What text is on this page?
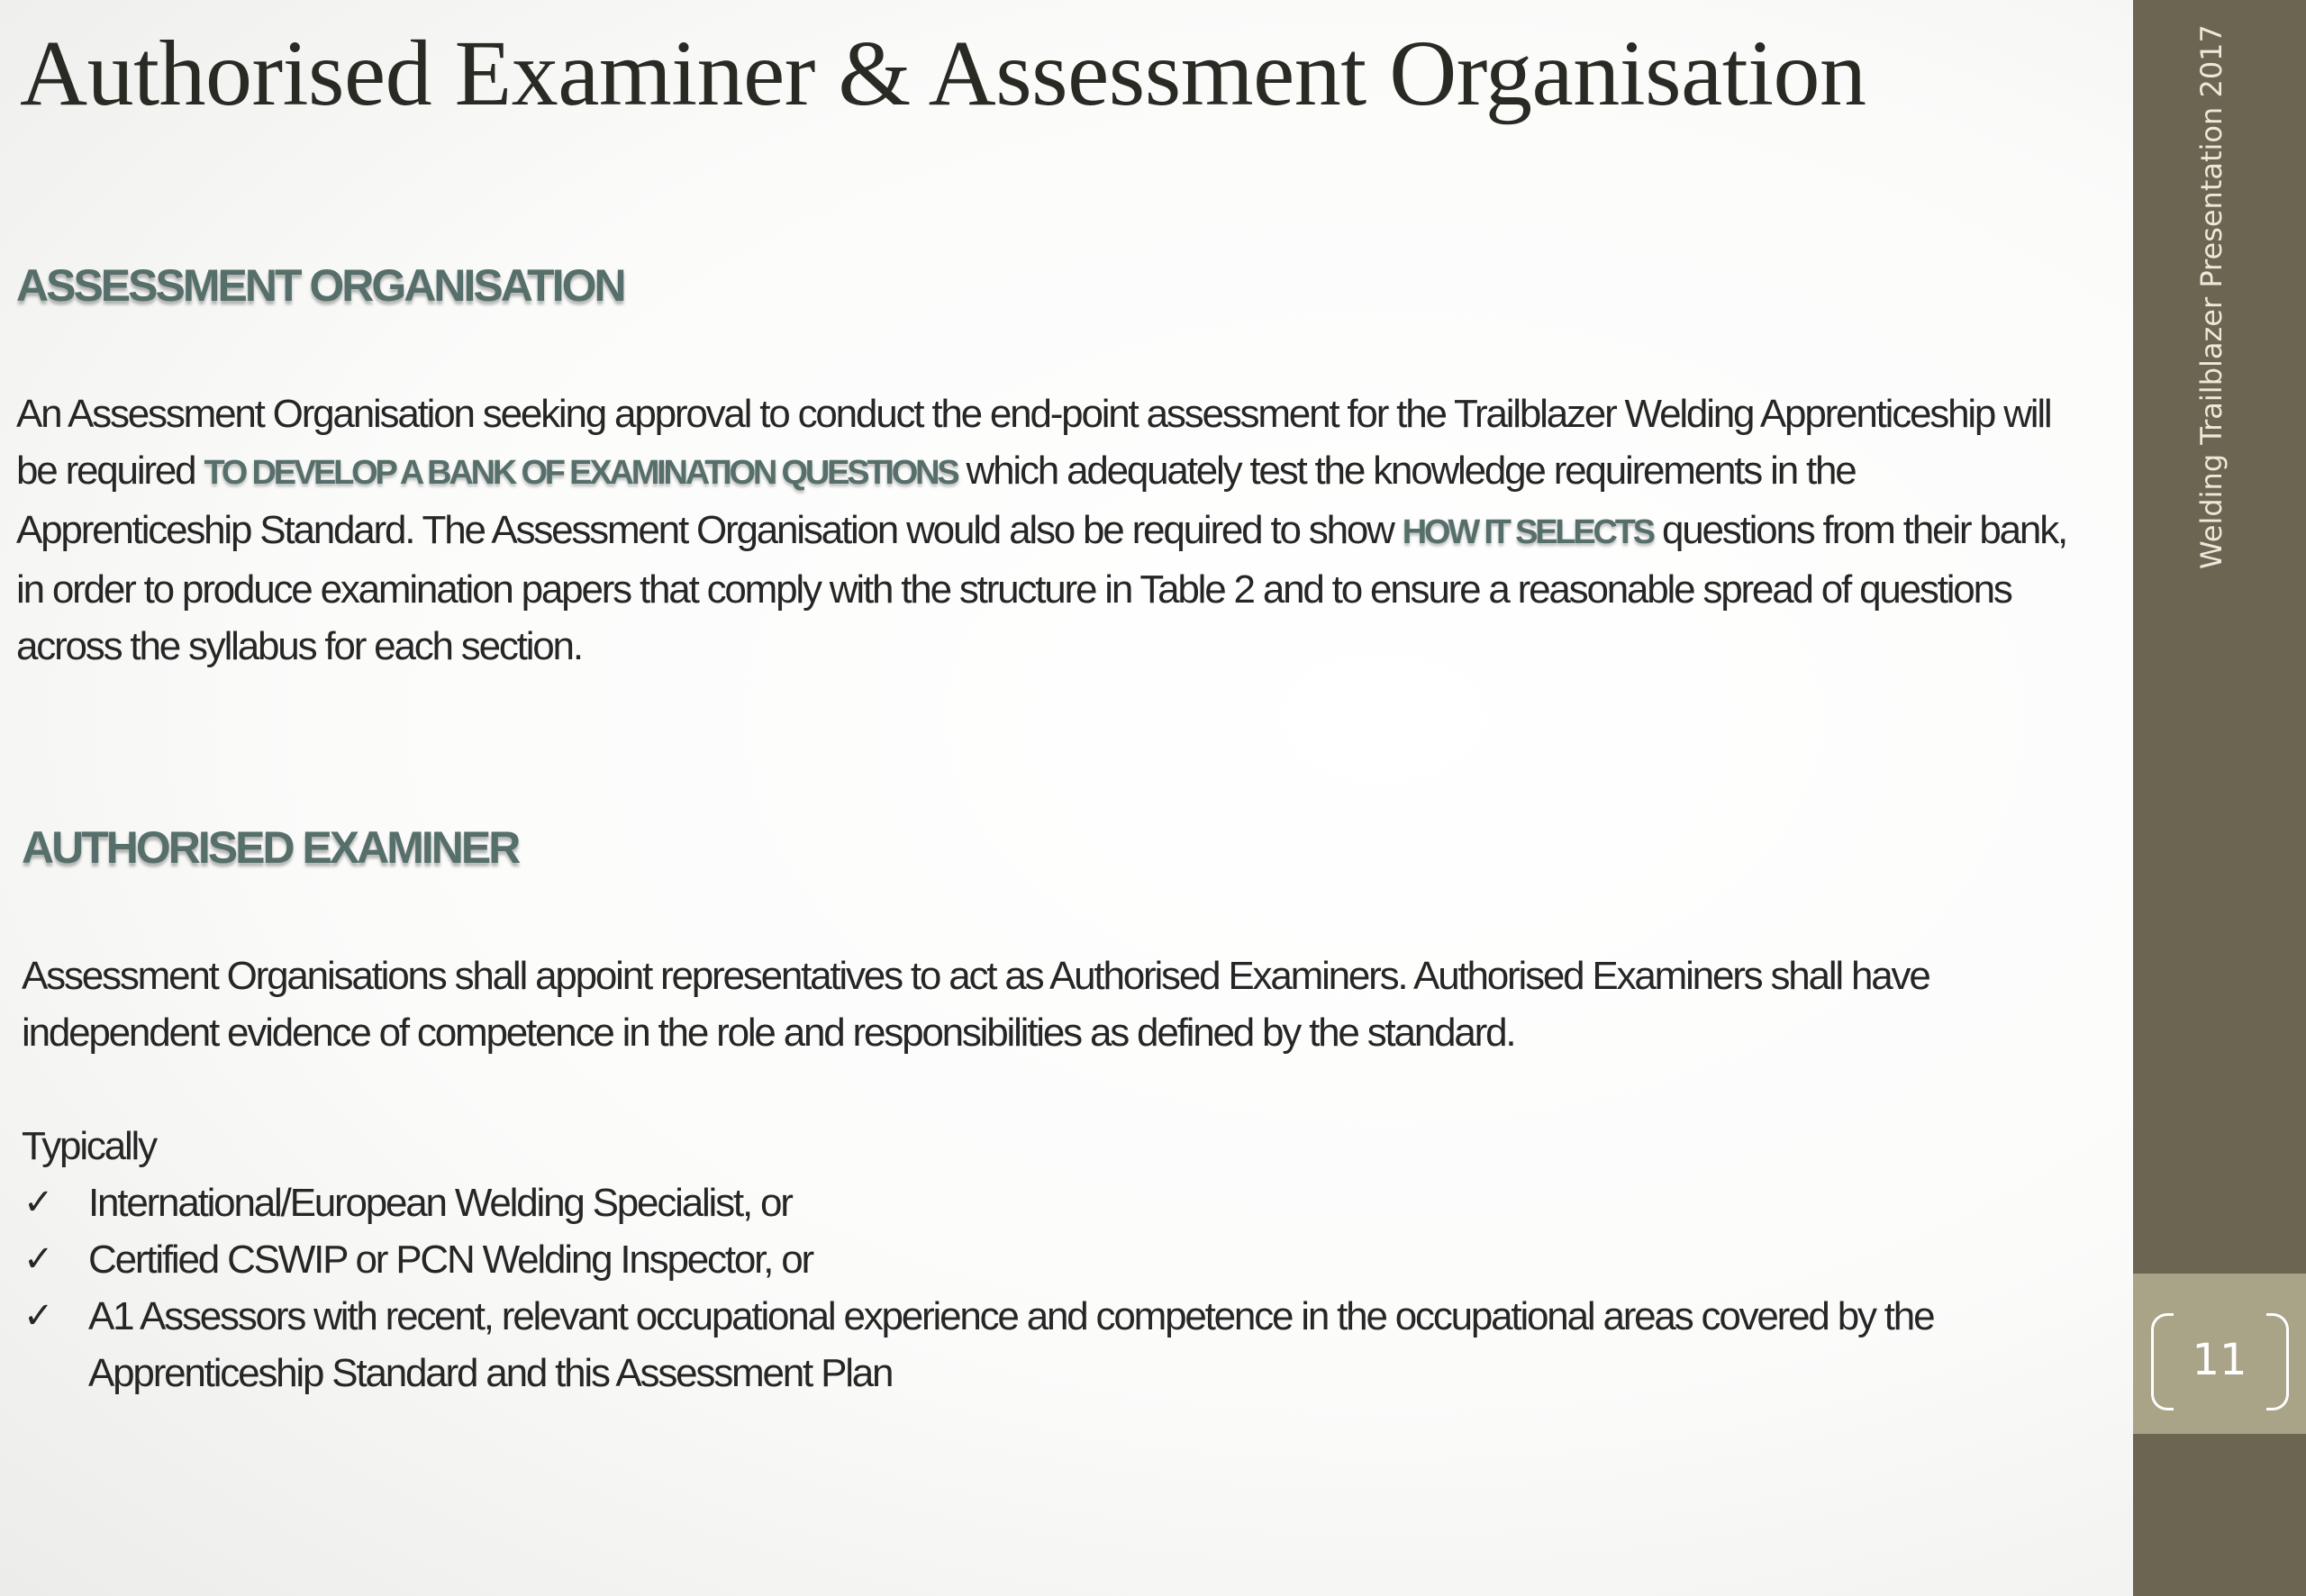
Authorised Examiner & Assessment Organisation
ASSESSMENT ORGANISATION

An Assessment Organisation seeking approval to conduct the end-point assessment for the Trailblazer Welding Apprenticeship will be required TO DEVELOP A BANK OF EXAMINATION QUESTIONS which adequately test the knowledge requirements in the Apprenticeship Standard. The Assessment Organisation would also be required to show HOW IT SELECTS questions from their bank, in order to produce examination papers that comply with the structure in Table 2 and to ensure a reasonable spread of questions across the syllabus for each section.

AUTHORISED EXAMINER

Assessment Organisations shall appoint representatives to act as Authorised Examiners. Authorised Examiners shall have independent evidence of competence in the role and responsibilities as defined by the standard.

Typically

✓ International/European Welding Specialist, or
✓ Certified CSWIP or PCN Welding Inspector, or
✓ A1 Assessors with recent, relevant occupational experience and competence in the occupational areas covered by the Apprenticeship Standard and this Assessment Plan
Welding Trailblazer Presentation 2017
11
